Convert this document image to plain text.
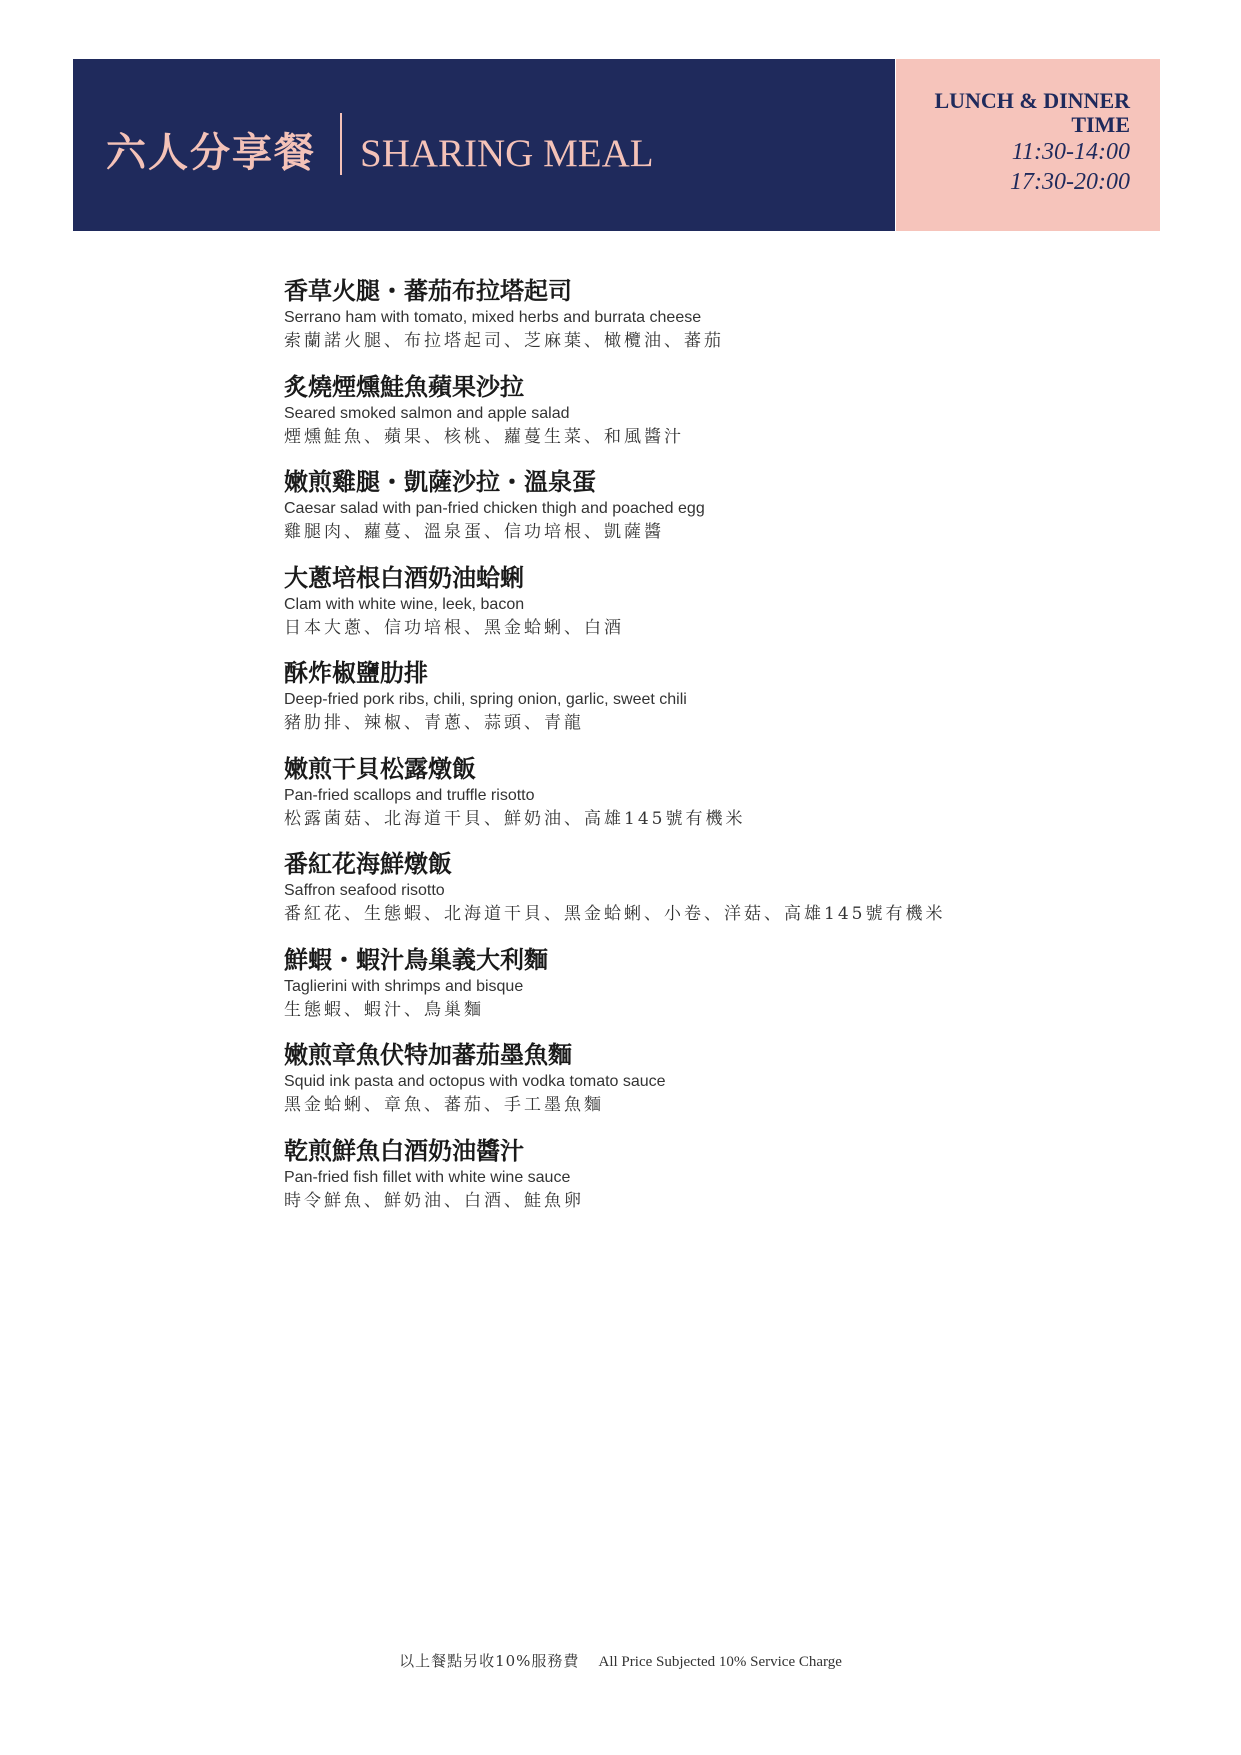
六人分享餐 SHARING MEAL
LUNCH & DINNER
TIME
11:30-14:00
17:30-20:00
香草火腿・蕃茄布拉塔起司
Serrano ham with tomato, mixed herbs and burrata cheese
索蘭諾火腿、布拉塔起司、芝麻葉、橄欖油、蕃茄
炙燒煙燻鮭魚蘋果沙拉
Seared smoked salmon and apple salad
煙燻鮭魚、蘋果、核桃、蘿蔓生菜、和風醬汁
嫩煎雞腿・凱薩沙拉・溫泉蛋
Caesar salad with pan-fried chicken thigh and poached egg
雞腿肉、蘿蔓、溫泉蛋、信功培根、凱薩醬
大蔥培根白酒奶油蛤蜊
Clam with white wine, leek, bacon
日本大蔥、信功培根、黑金蛤蜊、白酒
酥炸椒鹽肋排
Deep-fried pork ribs, chili, spring onion, garlic, sweet chili
豬肋排、辣椒、青蔥、蒜頭、青龍
嫩煎干貝松露燉飯
Pan-fried scallops and truffle risotto
松露菌菇、北海道干貝、鮮奶油、高雄145號有機米
番紅花海鮮燉飯
Saffron seafood risotto
番紅花、生態蝦、北海道干貝、黑金蛤蜊、小卷、洋菇、高雄145號有機米
鮮蝦・蝦汁鳥巢義大利麵
Taglierini with shrimps and bisque
生態蝦、蝦汁、鳥巢麵
嫩煎章魚伏特加蕃茄墨魚麵
Squid ink pasta and octopus with vodka tomato sauce
黑金蛤蜊、章魚、蕃茄、手工墨魚麵
乾煎鮮魚白酒奶油醬汁
Pan-fried fish fillet with white wine sauce
時令鮮魚、鮮奶油、白酒、鮭魚卵
以上餐點另收10%服務費 All Price Subjected 10% Service Charge
